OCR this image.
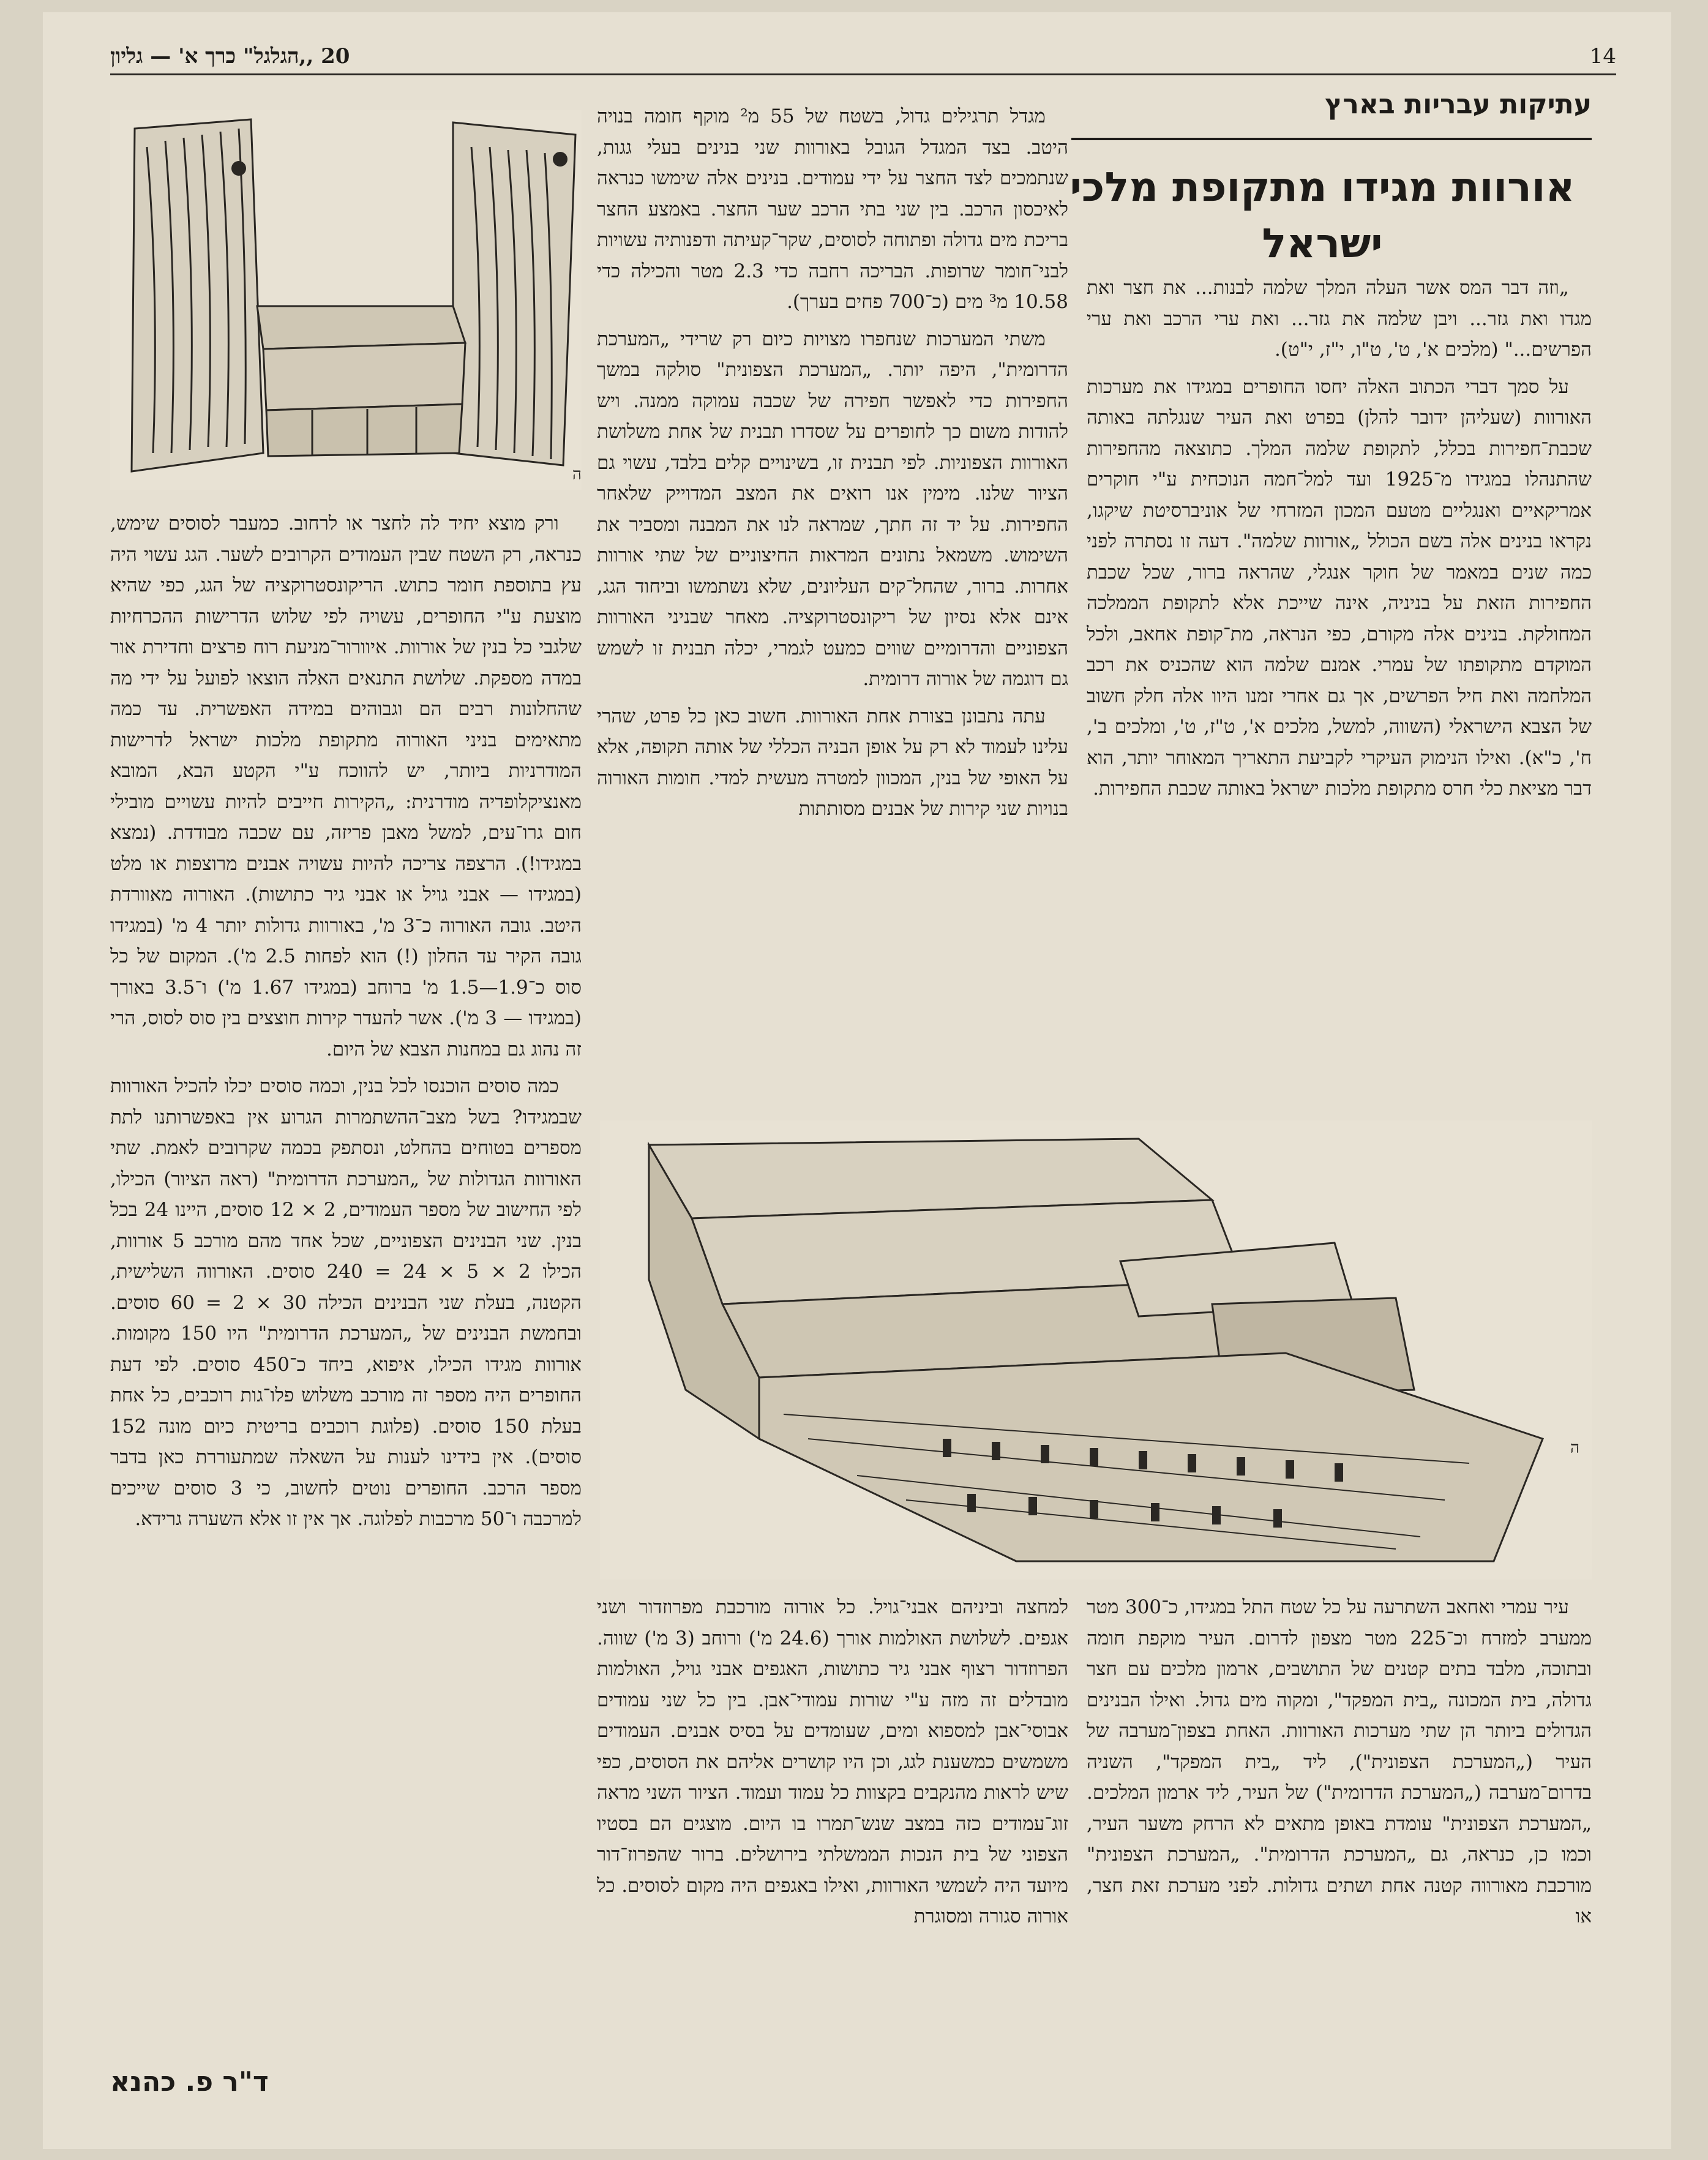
14
20 ,,הגלגל" כרך א' — גליון
עתיקות עבריות בארץ
אורוות מגידו מתקופת מלכי ישראל

„וזה דבר המס אשר העלה המלך שלמה לבנות... את חצר ואת מגדו ואת גזר... ויבן שלמה את גזר... ואת ערי הרכב ואת ערי הפרשים..." (מלכים א', ט', ט"ו, י"ז, י"ט).

על סמך דברי הכתוב האלה יחסו החופרים במגידו את מערכות האורוות (שעליהן ידובר להלן) בפרט ואת העיר שנגלתה באותה שכבת־חפירות בכלל, לתקופת שלמה המלך. כתוצאה מהחפירות שהתנהלו במגידו מ־1925 ועד למל־חמה הנוכחית ע"י חוקרים אמריקאיים ואנגליים מטעם המכון המזרחי של אוניברסיטת שיקגו, נקראו בנינים אלה בשם הכולל „אורוות שלמה". דעה זו נסתרה לפני כמה שנים במאמר של חוקר אנגלי, שהראה ברור, שכל שכבת החפירות הזאת על בניניה, אינה שייכת אלא לתקופת הממלכה המחולקת. בנינים אלה מקורם, כפי הנראה, מת־קופת אחאב, ולכל המוקדם מתקופתו של עמרי. אמנם שלמה הוא שהכניס את רכב המלחמה ואת חיל הפרשים, אך גם אחרי זמנו היוו אלה חלק חשוב של הצבא הישראלי (השווה, למשל, מלכים א', ט"ז, ט', ומלכים ב', ח', כ"א). ואילו הנימוק העיקרי לקביעת התאריך המאוחר יותר, הוא דבר מציאת כלי חרס מתקופת מלכות ישראל באותה שכבת החפירות.

מגדל תרגילים גדול, בשטח של 55 מ² מוקף חומה בנויה היטב. בצד המגדל הגובל באורוות שני בנינים בעלי גגות, שנתמכים לצד החצר על ידי עמודים. בנינים אלה שימשו כנראה לאיכסון הרכב. בין שני בתי הרכב שער החצר. באמצע החצר בריכת מים גדולה ופתוחה לסוסים, שקר־קעיתה ודפנותיה עשויות לבני־חומר שרופות. הבריכה רחבה כדי 2.3 מטר והכילה כדי 10.58 מ³ מים (כ־700 פחים בערך).

משתי המערכות שנחפרו מצויות כיום רק שרידי „המערכת הדרומית", היפה יותר. „המערכת הצפונית" סולקה במשך החפירות כדי לאפשר חפירה של שכבה עמוקה ממנה. ויש להודות משום כך לחופרים על שסדרו תבנית של אחת משלושת האורוות הצפוניות. לפי תבנית זו, בשינויים קלים בלבד, עשוי גם הציור שלנו. מימין אנו רואים את המצב המדוייק שלאחר החפירות. על יד זה חתך, שמראה לנו את המבנה ומסביר את השימוש. משמאל נתונים המראות החיצוניים של שתי אורוות אחרות. ברור, שהחל־קים העליונים, שלא נשתמשו וביחוד הגג, אינם אלא נסיון של ריקונסטרוקציה. מאחר שבניני האורוות הצפוניים והדרומיים שווים כמעט לגמרי, יכלה תבנית זו לשמש גם דוגמה של אורוה דרומית.

עתה נתבונן בצורת אחת האורוות. חשוב כאן כל פרט, שהרי עלינו לעמוד לא רק על אופן הבניה הכללי של אותה תקופה, אלא על האופי של בנין, המכוון למטרה מעשית למדי. חומות האורוה בנויות שני קירות של אבנים מסותתות

ה

ורק מוצא יחיד לה לחצר או לרחוב. כמעבר לסוסים שימש, כנראה, רק השטח שבין העמודים הקרובים לשער. הגג עשוי היה עץ בתוספת חומר כתוש. הריקונסטרוקציה של הגג, כפי שהיא מוצעת ע"י החופרים, עשויה לפי שלוש הדרישות ההכרחיות שלגבי כל בנין של אורוות. איוורור־מניעת רוח פרצים וחדירת אור במדה מספקת. שלושת התנאים האלה הוצאו לפועל על ידי מה שהחלונות רבים הם וגבוהים במידה האפשרית. עד כמה מתאימים בניני האורוה מתקופת מלכות ישראל לדרישות המודרניות ביותר, יש להווכח ע"י הקטע הבא, המובא מאנציקלופדיה מודרנית: „הקירות חייבים להיות עשויים מובילי חום גרו־עים, למשל מאבן פריזה, עם שכבה מבודדת. (נמצא במגידו!). הרצפה צריכה להיות עשויה אבנים מרוצפות או מלט (במגידו — אבני גויל או אבני גיר כתושות). האורוה מאוורדת היטב. גובה האורוה כ־3 מ', באורוות גדולות יותר 4 מ' (במגידו גובה הקיר עד החלון (!) הוא לפחות 2.5 מ'). המקום של כל סוס כ־1.9—1.5 מ' ברוחב (במגידו 1.67 מ') ו־3.5 באורך (במגידו — 3 מ'). אשר להעדר קירות חוצצים בין סוס לסוס, הרי זה נהוג גם במחנות הצבא של היום.

כמה סוסים הוכנסו לכל בנין, וכמה סוסים יכלו להכיל האורוות שבמגידו? בשל מצב־ההשתמרות הגרוע אין באפשרותנו לתת מספרים בטוחים בהחלט, ונסתפק בכמה שקרובים לאמת. שתי האורוות הגדולות של „המערכת הדרומית" (ראה הציור) הכילו, לפי החישוב של מספר העמודים, 2 × 12 סוסים, היינו 24 בכל בנין. שני הבנינים הצפוניים, שכל אחד מהם מורכב 5 אורוות, הכילו 2 × 5 × 24 = 240 סוסים. האורווה השלישית, הקטנה, בעלת שני הבנינים הכילה 30 × 2 = 60 סוסים. ובחמשת הבנינים של „המערכת הדרומית" היו 150 מקומות. אורוות מגידו הכילו, איפוא, ביחד כ־450 סוסים. לפי דעת החופרים היה מספר זה מורכב משלוש פלו־גות רוכבים, כל אחת בעלת 150 סוסים. (פלוגת רוכבים בריטית כיום מונה 152 סוסים). אין בידינו לענות על השאלה שמתעוררת כאן בדבר מספר הרכב. החופרים נוטים לחשוב, כי 3 סוסים שייכים למרכבה ו־50 מרכבות לפלוגה. אך אין זו אלא השערה גרידא.

ה

למחצה וביניהם אבני־גויל. כל אורוה מורכבת מפרוזדור ושני אגפים. לשלושת האולמות אורך (24.6 מ') ורוחב (3 מ') שווה. הפרוזדור רצוף אבני גיר כתושות, האגפים אבני גויל, האולמות מובדלים זה מזה ע"י שורות עמודי־אבן. בין כל שני עמודים אבוסי־אבן למספוא ומים, שעומדים על בסיס אבנים. העמודים משמשים כמשענת לגג, וכן היו קושרים אליהם את הסוסים, כפי שיש לראות מהנקבים בקצוות כל עמוד ועמוד. הציור השני מראה זוג־עמודים כזה במצב שנש־תמרו בו היום. מוצגים הם בסטיו הצפוני של בית הנכות הממשלתי בירושלים. ברור שהפרוז־דור מיועד היה לשמשי האורוות, ואילו באגפים היה מקום לסוסים. כל אורוה סגורה ומסוגרת

עיר עמרי ואחאב השתרעה על כל שטח התל במגידו, כ־300 מטר ממערב למזרח וכ־225 מטר מצפון לדרום. העיר מוקפת חומה ובתוכה, מלבד בתים קטנים של התושבים, ארמון מלכים עם חצר גדולה, בית המכונה „בית המפקד", ומקוה מים גדול. ואילו הבנינים הגדולים ביותר הן שתי מערכות האורוות. האחת בצפון־מערבה של העיר („המערכת הצפונית"), ליד „בית המפקד", השניה בדרום־מערבה („המערכת הדרומית") של העיר, ליד ארמון המלכים. „המערכת הצפונית" עומדת באופן מתאים לא הרחק משער העיר, וכמו כן, כנראה, גם „המערכת הדרומית". „המערכת הצפונית" מורכבת מאורווה קטנה אחת ושתים גדולות. לפני מערכת זאת חצר, או

ד"ר פ. כהנא
